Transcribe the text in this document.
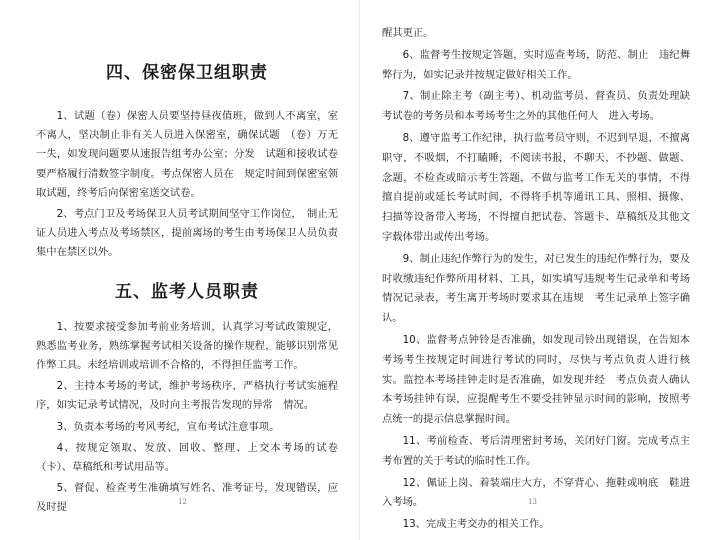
四、保密保卫组职责

1、试题（卷）保密人员要坚持昼夜值班，做到人不离室，室不离人，坚决制止非有关人员进入保密室，确保试题　（卷）万无一失，如发现问题要从速报告组考办公室；分发　试题和接收试卷要严格履行清数签字制度。考点保密人员在　规定时间到保密室领取试题，终考后向保密室送交试卷。

2、考点门卫及考场保卫人员考试期间坚守工作岗位，　制止无证人员进入考点及考场禁区，提前离场的考生由考场保卫人员负责集中在禁区以外。

五、监考人员职责

1、按要求接受参加考前业务培训，认真学习考试政策规定，熟悉监考业务，熟练掌握考试相关设备的操作规程，能够识别常见作弊工具。未经培训或培训不合格的，不得担任监考工作。

2、主持本考场的考试，维护考场秩序，严格执行考试实施程序，如实记录考试情况，及时向主考报告发现的异常　情况。

3、负责本考场的考风考纪，宣布考试注意事项。

4、按规定领取、发放、回收、整理、上交本考场的试卷（卡）、草稿纸和考试用品等。

5、督促、检查考生准确填写姓名、准考证号，发现错误，应及时提	12

醒其更正。

6、监督考生按规定答题，实时巡查考场，防范、制止　违纪舞弊行为，如实记录并按规定做好相关工作。

7、制止除主考（副主考）、机动监考员、督查员、负责处理缺考试卷的考务员和本考场考生之外的其他任何人　进入考场。

8、遵守监考工作纪律，执行监考员守则，不迟到早退，不擅离职守，不吸烟，不打瞌睡，不阅读书报，不聊天，不抄题、做题、念题，不检查或暗示考生答题，不做与监考工作无关的事情，不得擅自提前或延长考试时间，不得将手机等通讯工具、照相、摄像、扫描等设备带入考场，不得擅自把试卷、答题卡、草稿纸及其他文字载体带出或传出考场。

9、制止违纪作弊行为的发生，对已发生的违纪作弊行为，要及时收缴违纪作弊所用材料、工具，如实填写违规考生记录单和考场情况记录表，考生离开考场时要求其在违规　考生记录单上签字确认。

10、监督考点钟铃是否准确，如发现司铃出现错误，在告知本考场考生按规定时间进行考试的同时，尽快与考点负责人进行核实。监控本考场挂钟走时是否准确，如发现并经　考点负责人确认本考场挂钟有误，应提醒考生不要受挂钟显示时间的影响，按照考点统一的提示信息掌握时间。

11、考前检查、考后清理密封考场，关闭好门窗。完成考点主考布置的关于考试的临时性工作。

12、佩证上岗、着装端庄大方，不穿背心、拖鞋或响底　鞋进入考场。

13、完成主考交办的相关工作。

13
